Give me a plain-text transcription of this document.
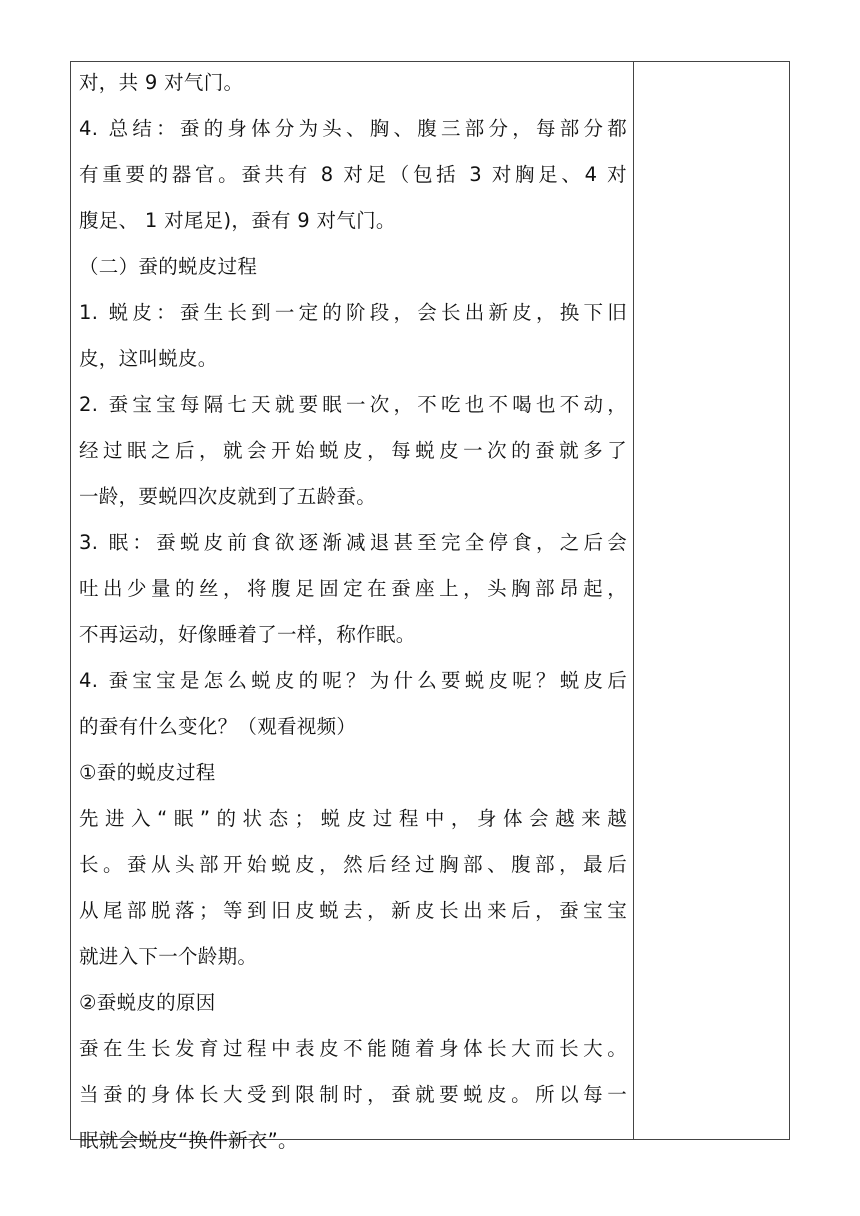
对，共 9 对气门。
4. 总结：蚕的身体分为头、胸、腹三部分，每部分都
有重要的器官。蚕共有 8 对足（包括 3 对胸足、4 对
腹足、 1 对尾足)，蚕有 9 对气门。
（二）蚕的蜕皮过程
1. 蜕皮：蚕生长到一定的阶段，会长出新皮，换下旧
皮，这叫蜕皮。
2. 蚕宝宝每隔七天就要眠一次，不吃也不喝也不动，
经过眠之后，就会开始蜕皮，每蜕皮一次的蚕就多了
一龄，要蜕四次皮就到了五龄蚕。
3. 眠：蚕蜕皮前食欲逐渐减退甚至完全停食，之后会
吐出少量的丝，将腹足固定在蚕座上，头胸部昂起，
不再运动，好像睡着了一样，称作眠。
4. 蚕宝宝是怎么蜕皮的呢？为什么要蜕皮呢？蜕皮后
的蚕有什么变化？（观看视频）
①蚕的蜕皮过程
先进入“眠”的状态；蜕皮过程中，身体会越来越
长。蚕从头部开始蜕皮，然后经过胸部、腹部，最后
从尾部脱落；等到旧皮蜕去，新皮长出来后，蚕宝宝
就进入下一个龄期。
②蚕蜕皮的原因
蚕在生长发育过程中表皮不能随着身体长大而长大。
当蚕的身体长大受到限制时，蚕就要蜕皮。所以每一
眠就会蜕皮“换件新衣”。
